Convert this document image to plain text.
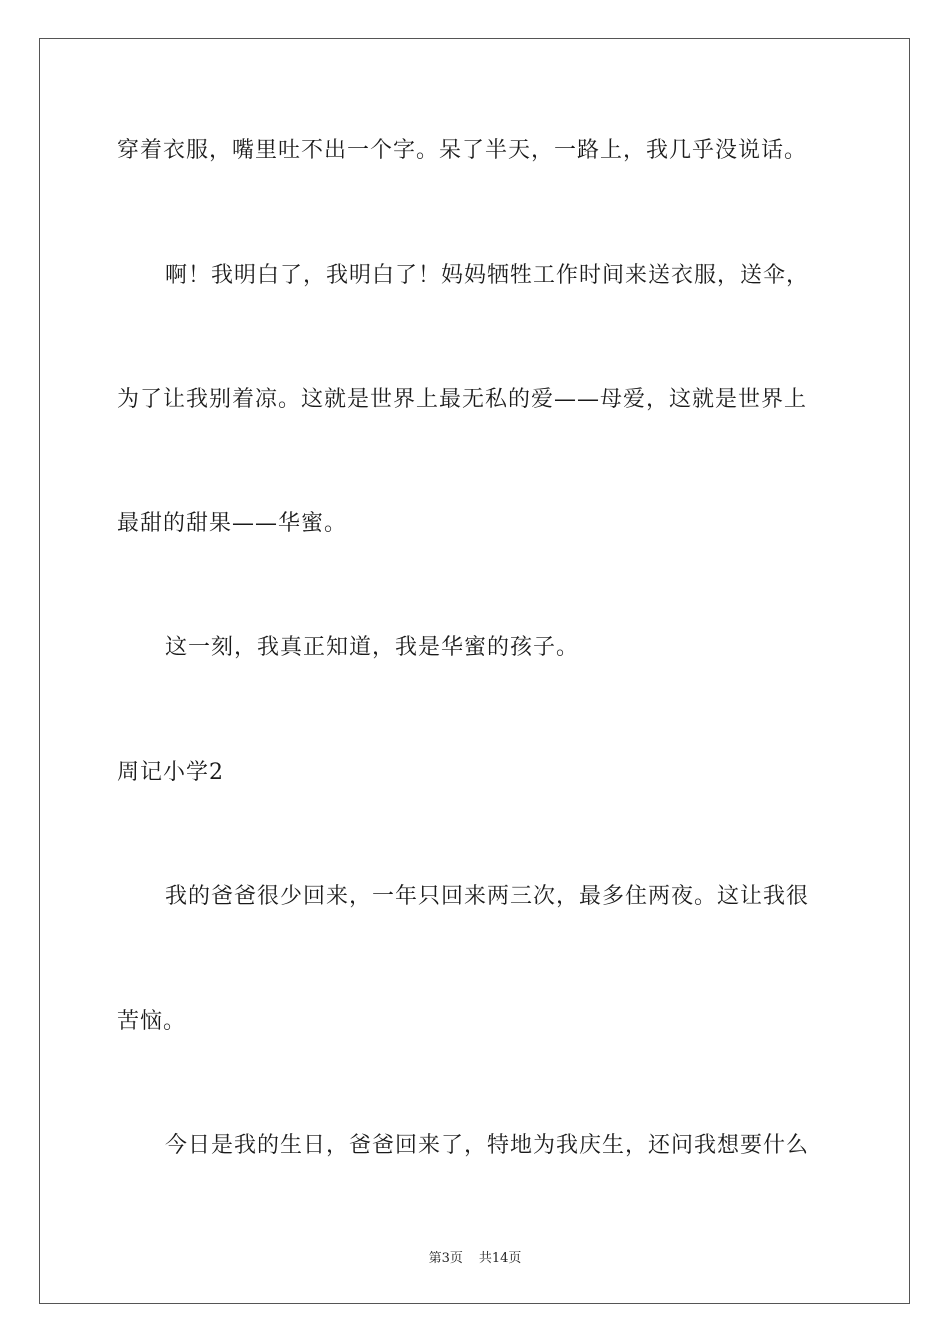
穿着衣服，嘴里吐不出一个字。呆了半天，一路上，我几乎没说话。
啊！我明白了，我明白了！妈妈牺牲工作时间来送衣服，送伞，
为了让我别着凉。这就是世界上最无私的爱——母爱，这就是世界上
最甜的甜果——华蜜。
这一刻，我真正知道，我是华蜜的孩子。
周记小学2
我的爸爸很少回来，一年只回来两三次，最多住两夜。这让我很
苦恼。
今日是我的生日，爸爸回来了，特地为我庆生，还问我想要什么
第3页 共14页
